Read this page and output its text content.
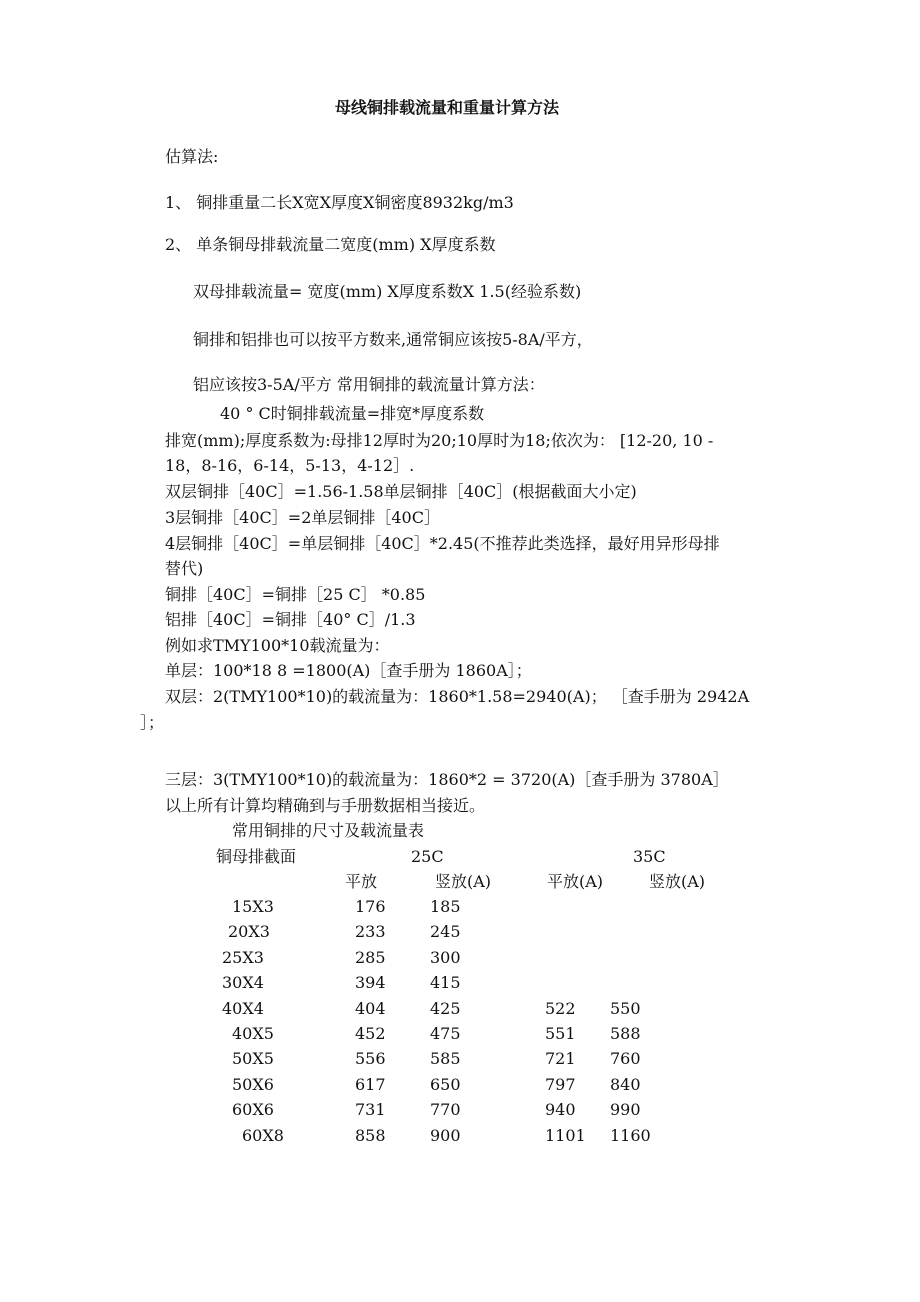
母线铜排载流量和重量计算方法
估算法:
1、 铜排重量二长X宽X厚度X铜密度8932kg/m3
2、 单条铜母排载流量二宽度(mm) X厚度系数
双母排载流量= 宽度(mm) X厚度系数X 1.5(经验系数)
铜排和铝排也可以按平方数来,通常铜应该按5-8A/平方，
铝应该按3-5A/平方 常用铜排的载流量计算方法：
40 ° C时铜排载流量=排宽*厚度系数
排宽(mm);厚度系数为:母排12厚时为20;10厚时为18;依次为： [12-20, 10 -
18，8-16，6-14，5-13，4-12］.
双层铜排［40C］=1.56-1.58单层铜排［40C］(根据截面大小定)
3层铜排［40C］=2单层铜排［40C］
4层铜排［40C］=单层铜排［40C］*2.45(不推荐此类选择，最好用异形母排
替代)
铜排［40C］=铜排［25 C］ *0.85
铝排［40C］=铜排［40° C］/1.3
例如求TMY100*10载流量为：
单层：100*18 8 =1800(A)［查手册为 1860A］；
双层：2(TMY100*10)的载流量为：1860*1.58=2940(A)； ［查手册为 2942A
］；
三层：3(TMY100*10)的载流量为：1860*2 = 3720(A)［查手册为 3780A］
以上所有计算均精确到与手册数据相当接近。
常用铜排的尺寸及载流量表
铜母排截面	25C	35C
平放	竖放(A)	平放(A)	竖放(A)
15X3	176	185
20X3	233	245
25X3	285	300
30X4	394	415
40X4	404	425	522 550
40X5	452	475	551 588
50X5	556	585	721 760
50X6	617	650	797 840
60X6	731	770	940 990
60X8	858	900	1101 1160
